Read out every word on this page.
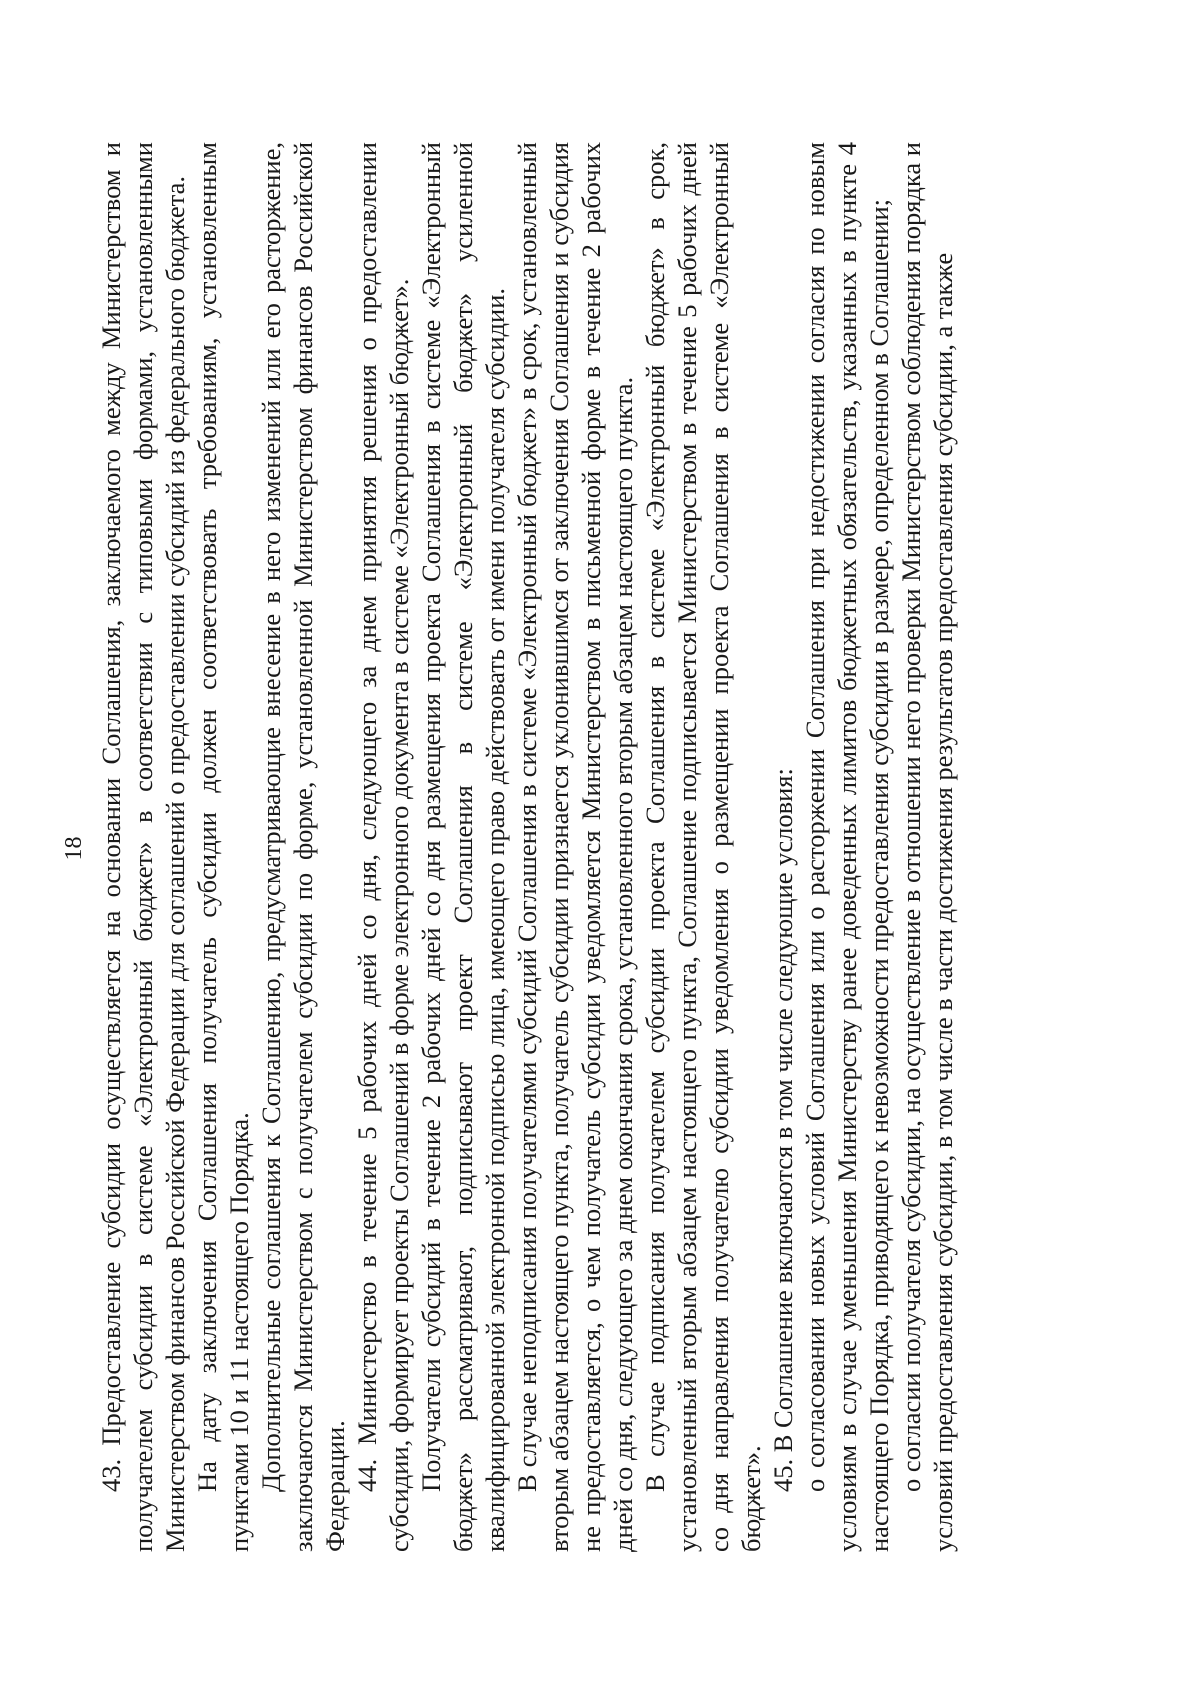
18 43. Предоставление субсидии осуществляется на основании Соглашения, заключаемого между Министерством и получателем субсидии в системе «Электронный бюджет» в соответствии с типовыми формами, установленными Министерством финансов Российской Федерации для соглашений о предоставлении субсидий из федерального бюджета. На дату заключения Соглашения получатель субсидии должен соответствовать требованиям, установленным пунктами 10 и 11 настоящего Порядка. Дополнительные соглашения к Соглашению, предусматривающие внесение в него изменений или его расторжение, заключаются Министерством с получателем субсидии по форме, установленной Министерством финансов Российской Федерации. 44. Министерство в течение 5 рабочих дней со дня, следующего за днем принятия решения о предоставлении субсидии, формирует проекты Соглашений в форме электронного документа в системе «Электронный бюджет». Получатели субсидий в течение 2 рабочих дней со дня размещения проекта Соглашения в системе «Электронный бюджет» рассматривают, подписывают проект Соглашения в системе «Электронный бюджет» усиленной квалифицированной электронной подписью лица, имеющего право действовать от имени получателя субсидии. В случае неподписания получателями субсидий Соглашения в системе «Электронный бюджет» в срок, установленный вторым абзацем настоящего пункта, получатель субсидии признается уклонившимся от заключения Соглашения и субсидия не предоставляется, о чем получатель субсидии уведомляется Министерством в письменной форме в течение 2 рабочих дней со дня, следующего за днем окончания срока, установленного вторым абзацем настоящего пункта. В случае подписания получателем субсидии проекта Соглашения в системе «Электронный бюджет» в срок, установленный вторым абзацем настоящего пункта, Соглашение подписывается Министерством в течение 5 рабочих дней со дня направления получателю субсидии уведомления о размещении проекта Соглашения в системе «Электронный бюджет».

45. В Соглашение включаются в том числе следующие условия: о согласовании новых условий Соглашения или о расторжении Соглашения при недостижении согласия по новым условиям в случае уменьшения Министерству ранее доведенных лимитов бюджетных обязательств, указанных в пункте 4 настоящего Порядка, приводящего к невозможности предоставления субсидии в размере, определенном в Соглашении; о согласии получателя субсидии, на осуществление в отношении него проверки Министерством соблюдения порядка и условий предоставления субсидии, в том числе в части достижения результатов предоставления субсидии, а также
